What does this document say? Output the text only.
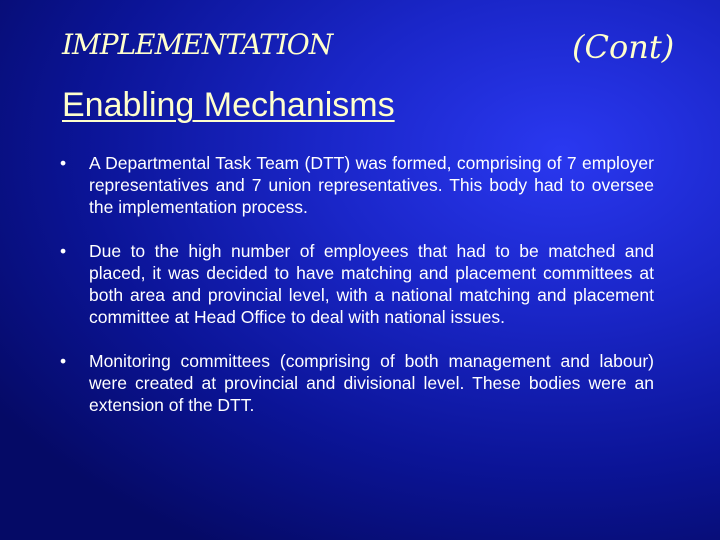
IMPLEMENTATION	(Cont)
Enabling Mechanisms
• A Departmental Task Team (DTT) was formed, comprising of 7 employer representatives and 7 union representatives. This body had to oversee the implementation process.
• Due to the high number of employees that had to be matched and placed, it was decided to have matching and placement committees at both area and provincial level, with a national matching and placement committee at Head Office to deal with national issues.
• Monitoring committees (comprising of both management and labour) were created at provincial and divisional level. These bodies were an extension of the DTT.
